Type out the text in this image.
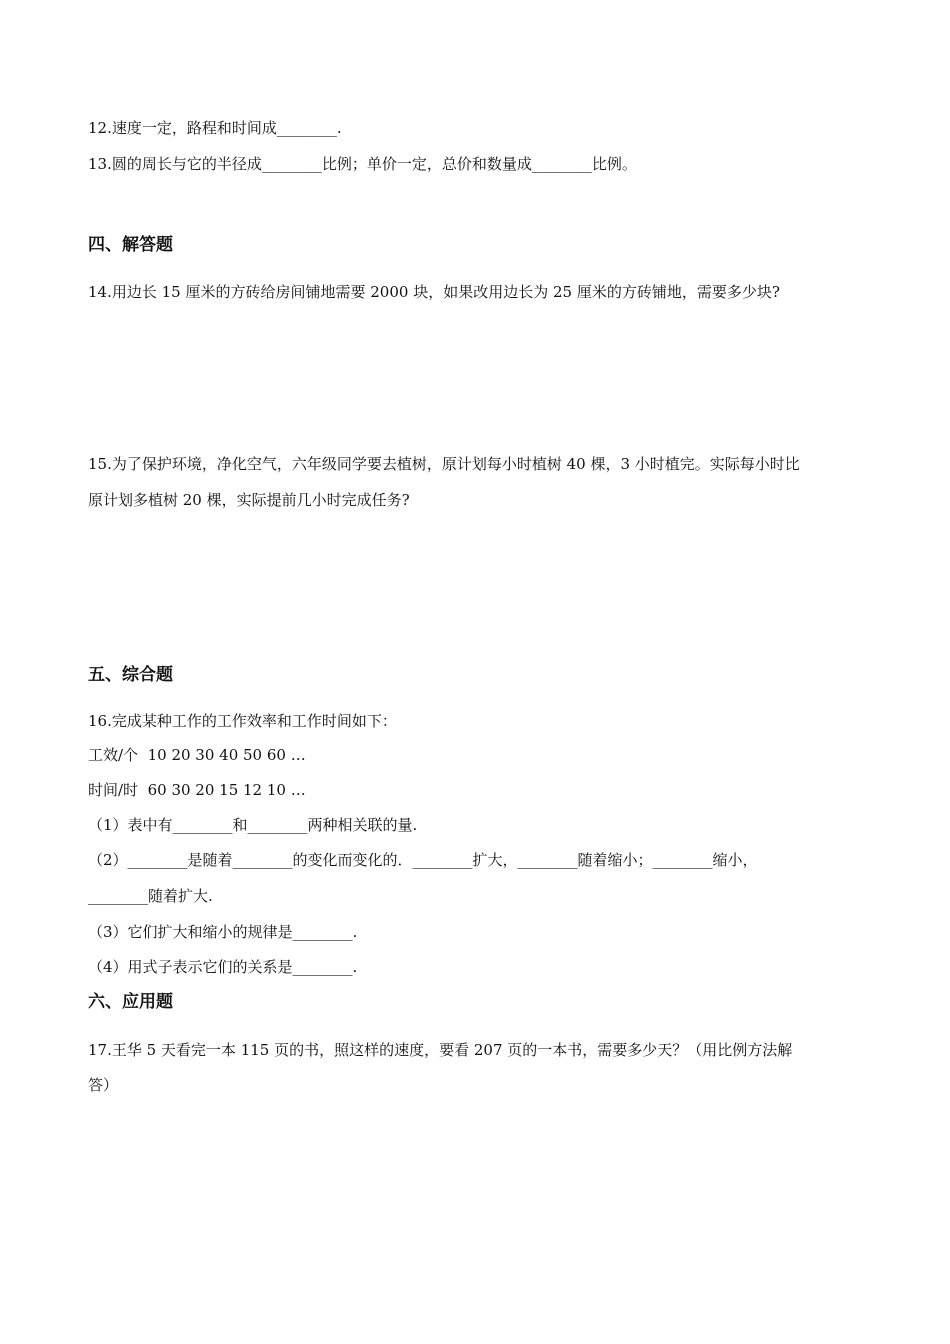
12.速度一定，路程和时间成________.

13.圆的周长与它的半径成________比例；单价一定，总价和数量成________比例。

四、解答题

14.用边长 15 厘米的方砖给房间铺地需要 2000 块，如果改用边长为 25 厘米的方砖铺地，需要多少块?

15.为了保护环境，净化空气，六年级同学要去植树，原计划每小时植树 40 棵，3 小时植完。实际每小时比

原计划多植树 20 棵，实际提前几小时完成任务?

五、综合题

16.完成某种工作的工作效率和工作时间如下：

工效/个  10 20 30 40 50 60 …

时间/时  60 30 20 15 12 10 …

（1）表中有________和________两种相关联的量.

（2）________是随着________的变化而变化的．________扩大，________随着缩小；________缩小，

________随着扩大.

（3）它们扩大和缩小的规律是________.

（4）用式子表示它们的关系是________.

六、应用题

17.王华 5 天看完一本 115 页的书，照这样的速度，要看 207 页的一本书，需要多少天？（用比例方法解

答）
